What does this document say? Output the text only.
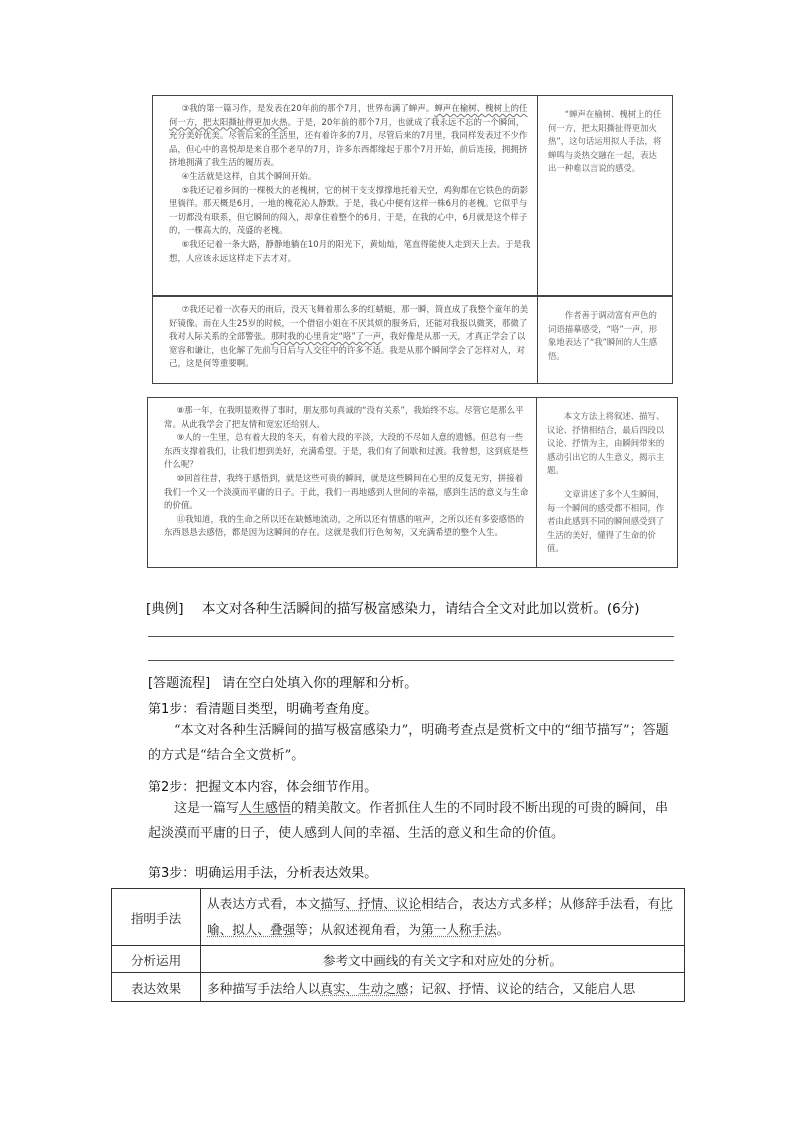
③我的第一篇习作，是发表在20年前的那个7月，世界布满了蝉声。蝉声在榆树、槐树上的任何一方，把太阳撕扯得更加火热。于是，20年前的那个7月，也就成了我永远不忘的一个瞬间，充分美好优美。尽管后来的生活里，还有着许多的7月，尽管后来的7月里，我同样发表过不少作品，但心中的喜悦却是来自那个老早的7月，许多东西都缘起于那个7月开始，前后连接，拥拥挤挤地拥满了我生活的履历表。

④生活就是这样，自其个瞬间开始。

⑤我还记着乡间的一棵极大的老槐树，它的树干支支撑撑地托着天空，鸡狗都在它铁色的荫影里徜徉。那天概是6月，一地的槐花沁人静默。于是，我心中便有这样一株6月的老槐。它似乎与一切都没有联系，但它瞬间的闯入，却拿住着整个的6月，于是，在我的心中，6月就是这个样子的，一棵高大的，茂盛的老槐。

⑥我还记着一条大路，静静地躺在10月的阳光下，黄灿灿，笔直得能使人走到天上去。于是我想，人应该永远这样走下去才对。

“蝉声在榆树、槐树上的任何一方，把太阳撕扯得更加火热”，这句话运用拟人手法，将蝉鸣与炎热交融在一起，表达出一种难以言说的感受。

⑦我还记着一次春天的雨后，没天飞舞着那么多的红蜻蜓，那一瞬，简直成了我整个童年的美好镜像。而在人生25岁的时候，一个借宿小姐在不厌其烦的服务后，还能对我报以微笑，那微了我对人际关系的全部警张。那时我的心里肯定“咯”了一声，我好像是从那一天，才真正学会了以宽容和谦让，也化解了先前与日后与人交往中的许多不适。我是从那个瞬间学会了怎样对人，对己，这是何等重要啊。

作者善于调动富有声色的词语描摹感受，“咯”一声，形象地表达了“我”瞬间的人生感悟。

⑧那一年，在我明显败得了事时，朋友那句真诚的“没有关系”，我始终不忘。尽管它是那么平常。从此我学会了把友情和宽宏还给别人。

⑨人的一生里，总有着大段的冬天，有着大段的平淡，大段的不尽如人意的遗憾。但总有一些东西支撑着我们，让我们想到美好，充满希望。于是，我们有了间歇和过渡。我曾想，这到底是些什么呢？

⑩回首往昔，我终于感悟到，就是这些可贵的瞬间，就是这些瞬间在心里的反复无穷，拼接着我们一个又一个淡漠而平庸的日子。于此，我们一再地感到人世间的幸福，感到生活的意义与生命的价值。

⑪我知道，我的生命之所以还在缺憾地流动，之所以还有情感的喧声，之所以还有多姿感悟的东西恳恳去感悟，都是因为这瞬间的存在。这就是我们行色匆匆，又充满希望的整个人生。

本文方法上将叙述、描写、议论、抒情相结合，最后四段以议论、抒情为主，由瞬间带来的感动引出它的人生意义，揭示主题。

文章讲述了多个人生瞬间，每一个瞬间的感受都不相同，作者由此感到不同的瞬间感受到了生活的美好，懂得了生命的价值。

[典例] 本文对各种生活瞬间的描写极富感染力，请结合全文对此加以赏析。(6分)
[答题流程] 请在空白处填入你的理解和分析。
第1步：看清题目类型，明确考查角度。
“本文对各种生活瞬间的描写极富感染力”，明确考查点是赏析文中的“细节描写”；答题的方式是“结合全文赏析”。
第2步：把握文本内容，体会细节作用。
这是一篇写人生感悟的精美散文。作者抓住人生的不同时段不断出现的可贵的瞬间，串起淡漠而平庸的日子，使人感到人间的幸福、生活的意义和生命的价值。
第3步：明确运用手法，分析表达效果。
指明手法	从表达方式看，本文描写、抒情、议论相结合，表达方式多样；从修辞手法看，有比喻、拟人、叠强等；从叙述视角看，为第一人称手法。
分析运用	参考文中画线的有关文字和对应处的分析。
表达效果	多种描写手法给人以真实、生动之感；记叙、抒情、议论的结合，又能启人思
